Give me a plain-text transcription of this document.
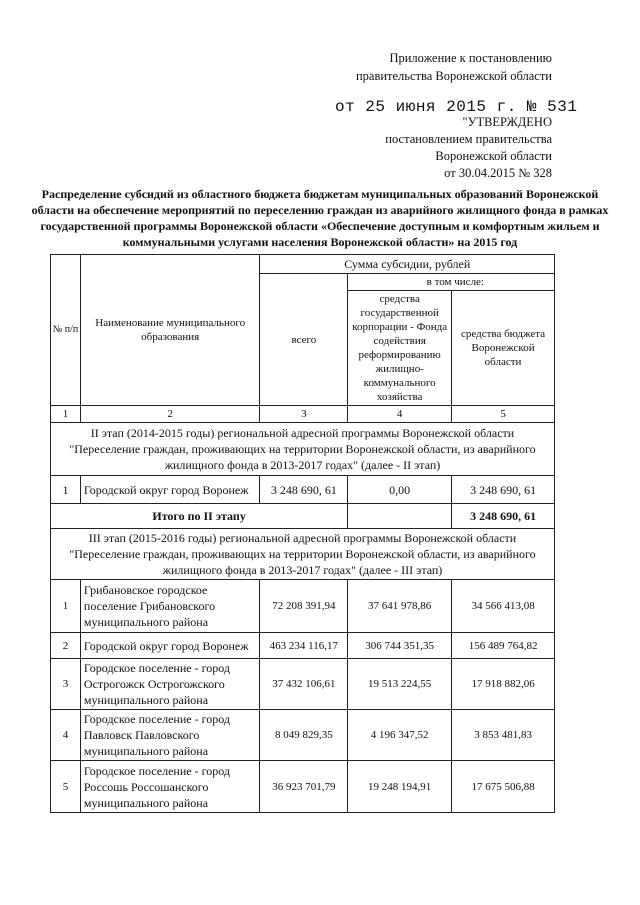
Приложение к постановлению
правительства Воронежской области
от 25 июня 2015 г. № 531
"УТВЕРЖДЕНО
постановлением правительства
Воронежской области
от 30.04.2015 № 328
Распределение субсидий из областного бюджета бюджетам муниципальных образований Воронежской области на обеспечение мероприятий по переселению граждан из аварийного жилищного фонда в рамках государственной программы Воронежской области «Обеспечение доступным и комфортным жильем и коммунальными услугами населения Воронежской области» на 2015 год
№ п/п	Наименование муниципального образования	Сумма субсидии, рублей		
		всего	в том числе:	
			средства государственной корпорации - Фонда содействия реформированию жилищно-коммунального хозяйства	средства бюджета Воронежской области
1	2	3	4	5
II этап (2014-2015 годы) региональной адресной программы Воронежской области "Переселение граждан, проживающих на территории Воронежской области, из аварийного жилищного фонда в 2013-2017 годах" (далее - II этап)				
1	Городской округ город Воронеж	3 248 690, 61	0,00	3 248 690, 61
Итого по II этапу				3 248 690, 61
III этап (2015-2016 годы) региональной адресной программы Воронежской области "Переселение граждан, проживающих на территории Воронежской области, из аварийного жилищного фонда в 2013-2017 годах" (далее - III этап)				
1	Грибановское городское поселение Грибановского муниципального района	72 208 391,94	37 641 978,86	34 566 413,08
2	Городской округ город Воронеж	463 234 116,17	306 744 351,35	156 489 764,82
3	Городское поселение - город Острогожск Острогожского муниципального района	37 432 106,61	19 513 224,55	17 918 882,06
4	Городское поселение - город Павловск Павловского муниципального района	8 049 829,35	4 196 347,52	3 853 481,83
5	Городское поселение - город Россошь Россошанского муниципального района	36 923 701,79	19 248 194,91	17 675 506,88
